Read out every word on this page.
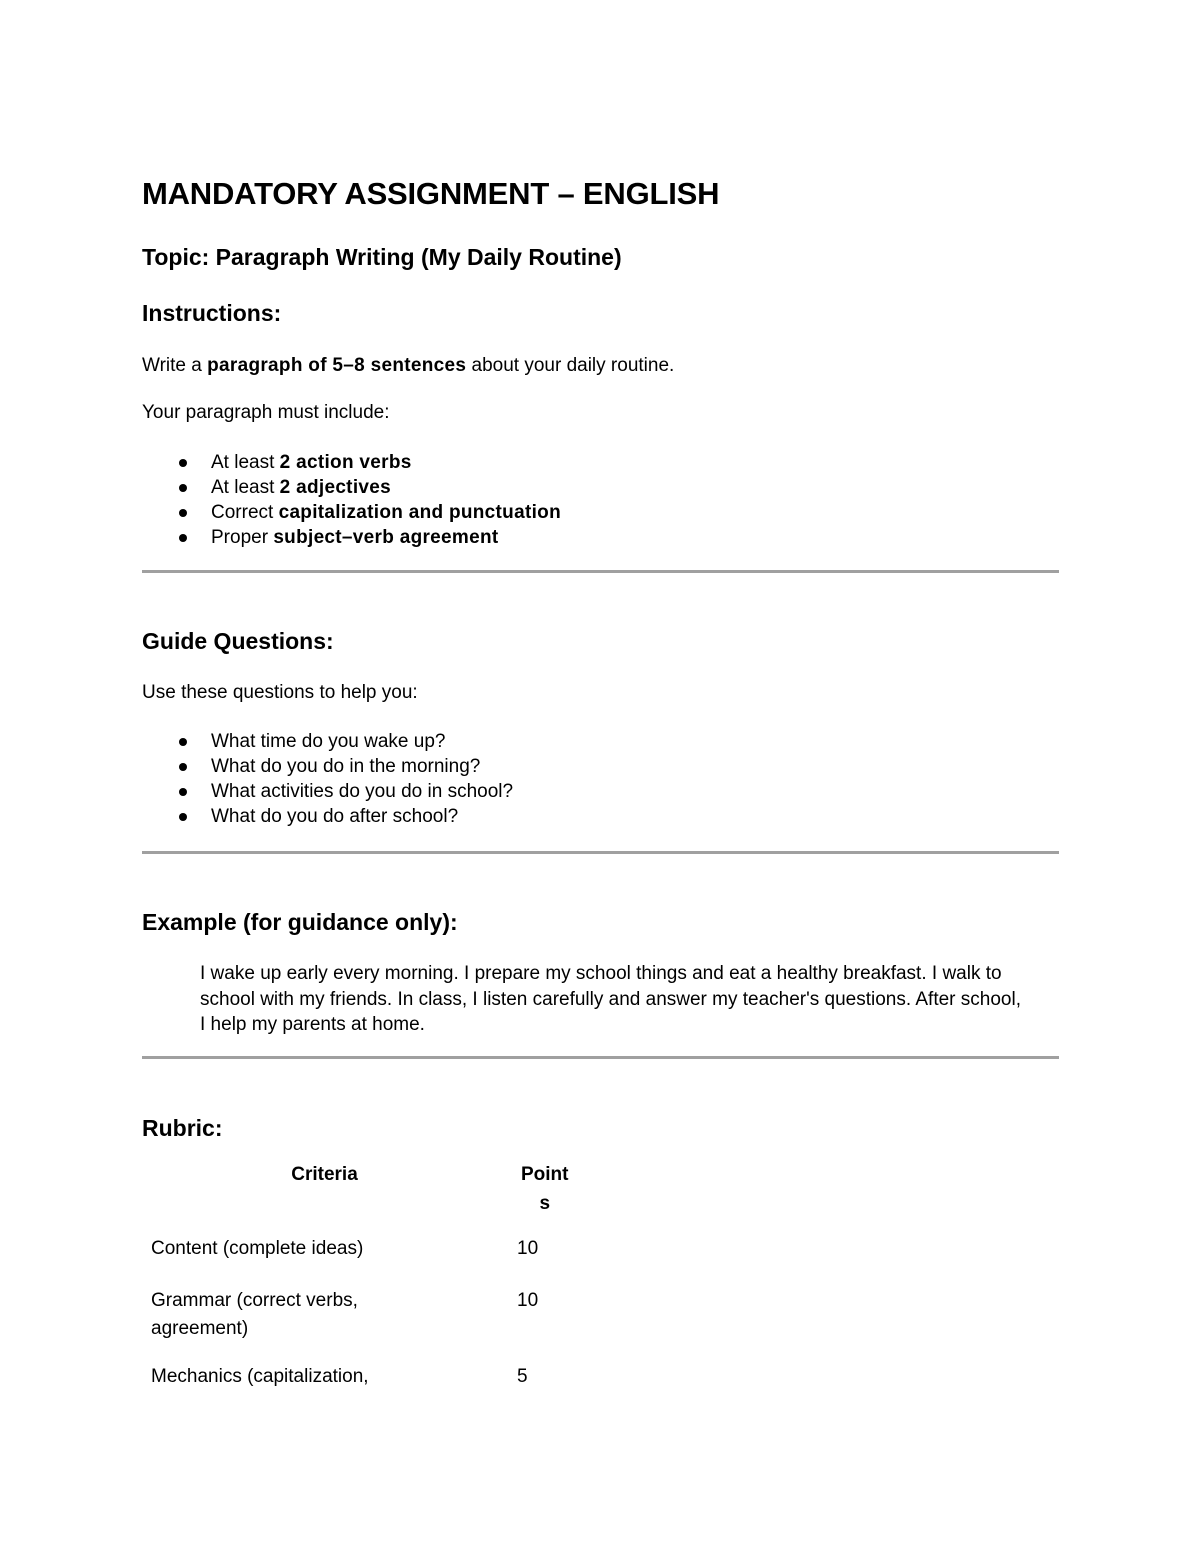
MANDATORY ASSIGNMENT – ENGLISH
Topic: Paragraph Writing (My Daily Routine)
Instructions:
Write a paragraph of 5–8 sentences about your daily routine.
Your paragraph must include:
At least 2 action verbs
At least 2 adjectives
Correct capitalization and punctuation
Proper subject–verb agreement
Guide Questions:
Use these questions to help you:
What time do you wake up?
What do you do in the morning?
What activities do you do in school?
What do you do after school?
Example (for guidance only):
I wake up early every morning. I prepare my school things and eat a healthy breakfast. I walk to school with my friends. In class, I listen carefully and answer my teacher's questions. After school, I help my parents at home.
Rubric:
Criteria	Point
s

Content (complete ideas)	10

Grammar (correct verbs,
agreement)	10

Mechanics (capitalization,	5
